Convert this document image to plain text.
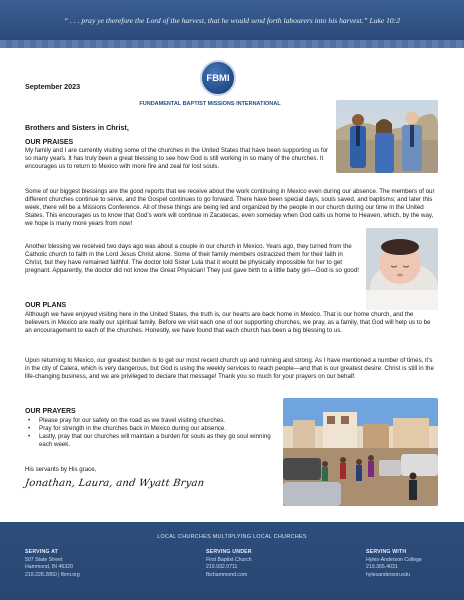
“ . . . pray ye therefore the Lord of the harvest, that he would send forth labourers into his harvest.” Luke 10:2
FBMI
FUNDAMENTAL BAPTIST MISSIONS INTERNATIONAL
September 2023
Brothers and Sisters in Christ,
OUR PRAISES
My family and I are currently visiting some of the churches in the United States that have been supporting us for so many years. It has truly been a great blessing to see how God is still working in so many of the churches. It encourages us to return to Mexico with more fire and zeal for lost souls.
Some of our biggest blessings are the good reports that we receive about the work continuing in Mexico even during our absence. The members of our different churches continue to serve, and the Gospel continues to go forward. There have been special days, souls saved, and baptisms; and later this week, there will be a Missions Conference. All of these things are being led and organized by the people in our church during our time in the United States. This encourages us to know that God’s work will continue in Zacatecas, even someday when God calls us home to Heaven, which, by the way, we hope is many more years from now!
Another blessing we received two days ago was about a couple in our church in Mexico. Years ago, they turned from the Catholic church to faith in the Lord Jesus Christ alone. Some of their family members ostracized them for their faith in Christ, but they have remained faithful. The doctor told Sister Lula that it would be physically impossible for her to get pregnant. Apparently, the doctor did not know the Great Physician! They just gave birth to a little baby girl—God is so good!
OUR PLANS
Although we have enjoyed visiting here in the United States, the truth is, our hearts are back home in Mexico. That is our home church, and the believers in Mexico are really our spiritual family. Before we visit each one of our supporting churches, we pray, as a family, that God will help us to be an encouragement to each of the churches. Honestly, we have found that each church has been a big blessing to us.
Upon returning to Mexico, our greatest burden is to get our most recent church up and running and strong. As I have mentioned a number of times, it’s in the city of Calera, which is very dangerous, but God is using the weekly services to reach people—and that is our greatest desire. Christ is still in the life-changing business, and we are privileged to declare that message! Thank you so much for your prayers on our behalf.
OUR PRAYERS
• Please pray for our safety on the road as we travel visiting churches.
• Pray for strength in the churches back in Mexico during our absence.
• Lastly, pray that our churches will maintain a burden for souls as they go soul winning each week.
His servants by His grace,
Jonathan, Laura, and Wyatt Bryan
LOCAL CHURCHES MULTIPLYING LOCAL CHURCHES
SERVING AT
507 State Street
Hammond, IN 46320
219.228.2850 | fbmi.org
SERVING UNDER
First Baptist Church
219.932.0711
fbchammond.com
SERVING WITH
Hyles-Anderson College
219.365.4031
hylesanderson.edu
